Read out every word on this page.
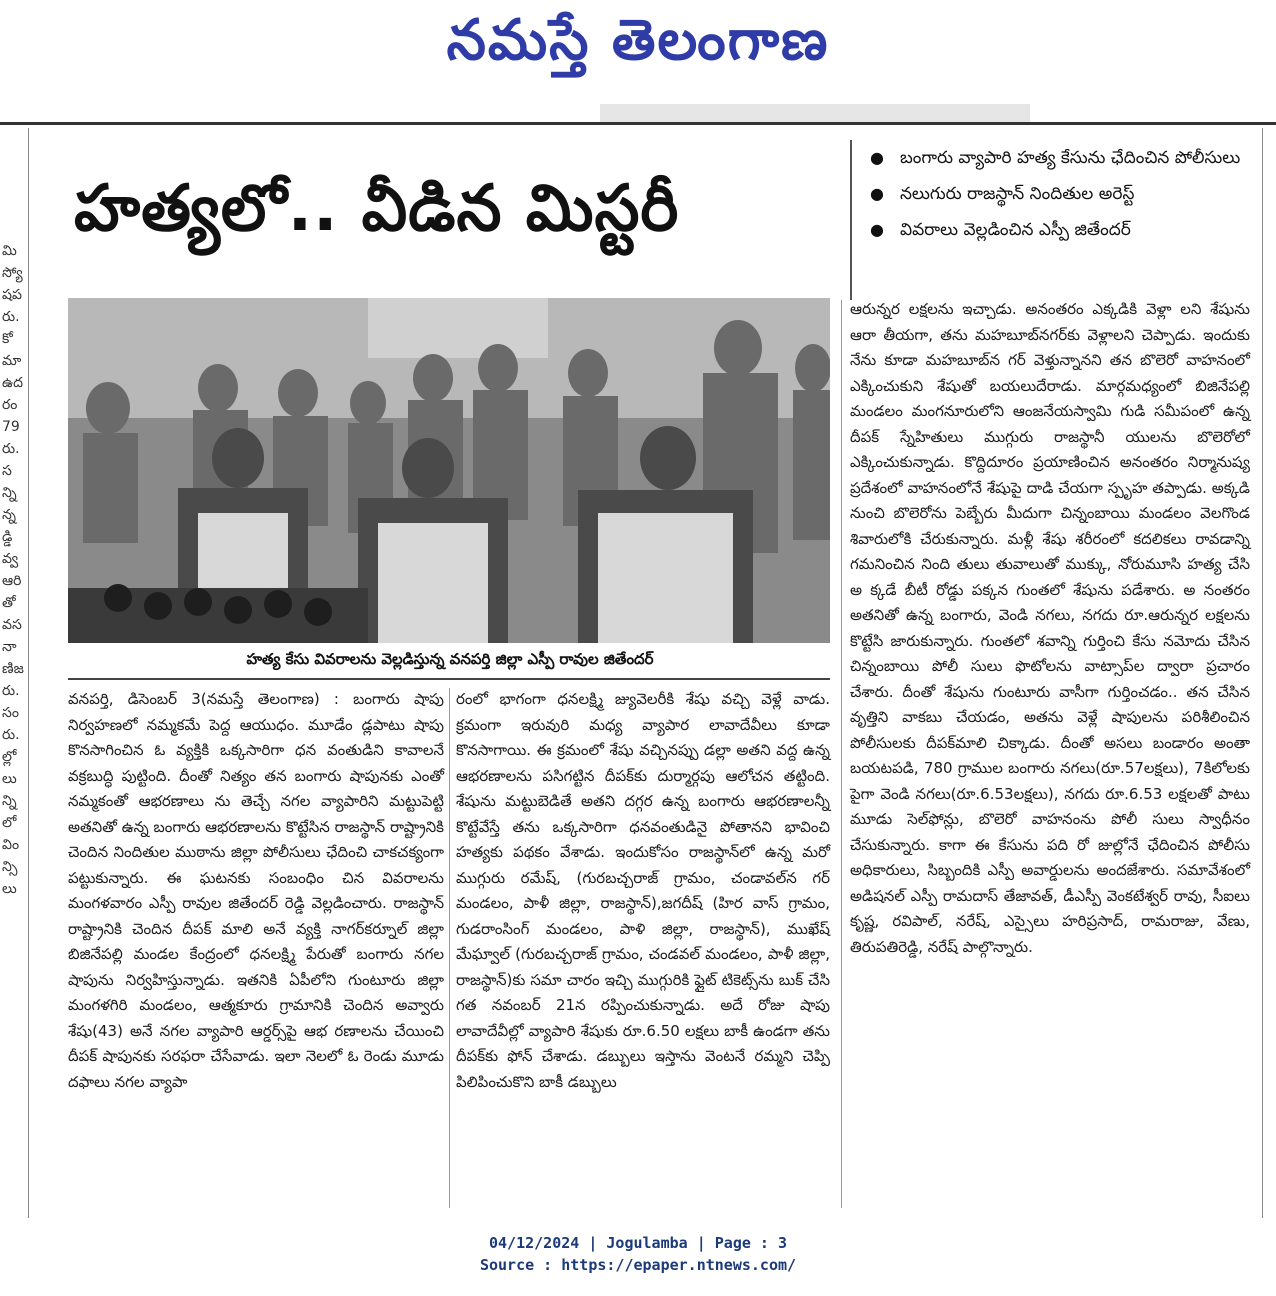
నమస్తే తెలంగాణ
మి
స్యో
షప
రు.
కో
మా
ఉద
రం
79
రు.
స
న్ని
న్న
డ్డి
వ్వ
ఆరి
తో
వస
నా
ణిజ
రు.
సం
రు.
ల్లో
లు
న్ని
లో
విం
న్సి
లు
హత్యలో.. వీడిన మిస్టరీ
● బంగారు వ్యాపారి హత్య కేసును ఛేదించిన పోలీసులు
● నలుగురు రాజస్థాన్ నిందితుల అరెస్ట్
● వివరాలు వెల్లడించిన ఎస్పీ జితేందర్
హత్య కేసు వివరాలను వెల్లడిస్తున్న వనపర్తి జిల్లా ఎస్పీ రావుల జితేందర్

వనపర్తి, డిసెంబర్ 3(నమస్తే తెలంగాణ) : బంగారు షాపు నిర్వహణలో నమ్మకమే పెద్ద ఆయుధం. మూడేం డ్లపాటు షాపు కొనసాగించిన ఓ వ్యక్తికి ఒక్కసారిగా ధన వంతుడిని కావాలనే వక్రబుద్ధి పుట్టింది. దీంతో నిత్యం తన బంగారు షాపునకు ఎంతో నమ్మకంతో ఆభరణాలు ను తెచ్చే నగల వ్యాపారిని మట్టుపెట్టి అతనితో ఉన్న బంగారు ఆభరణాలను కొట్టేసిన రాజస్థాన్ రాష్ట్రానికి చెందిన నిందితుల ముఠాను జిల్లా పోలీసులు ఛేదించి చాకచక్యంగా పట్టుకున్నారు. ఈ ఘటనకు సంబంధిం చిన వివరాలను మంగళవారం ఎస్పీ రావుల జితేందర్ రెడ్డి వెల్లడించారు. రాజస్థాన్ రాష్ట్రానికి చెందిన దీపక్ మాలి అనే వ్యక్తి నాగర్‌కర్నూల్ జిల్లా బిజినేపల్లి మండల కేంద్రంలో ధనలక్ష్మి పేరుతో బంగారు నగల షాపును నిర్వహిస్తున్నాడు. ఇతనికి ఏపీలోని గుంటూరు జిల్లా మంగళగిరి మండలం, ఆత్మకూరు గ్రామానికి చెందిన అవ్వారు శేషు(43) అనే నగల వ్యాపారి ఆర్డర్స్‌పై ఆభ రణాలను చేయించి దీపక్ షాపునకు సరఫరా చేసేవాడు. ఇలా నెలలో ఓ రెండు మూడు దఫాలు నగల వ్యాపా

రంలో భాగంగా ధనలక్ష్మి జ్యువెలరీకి శేషు వచ్చి వెళ్లే వాడు. క్రమంగా ఇరువురి మధ్య వ్యాపార లావాదేవీలు కూడా కొనసాగాయి. ఈ క్రమంలో శేషు వచ్చినప్పు డల్లా అతని వద్ద ఉన్న ఆభరణాలను పసిగట్టిన దీపక్‌కు దుర్మార్గపు ఆలోచన తట్టింది. శేషును మట్టుబెడితే అతని దగ్గర ఉన్న బంగారు ఆభరణాలన్నీ కొట్టేవేస్తే తను ఒక్కసారిగా ధనవంతుడినై పోతానని భావించి హత్యకు పథకం వేశాడు. ఇందుకోసం రాజస్థాన్‌లో ఉన్న మరో ముగ్గురు రమేష్, (గురబచ్చరాజ్ గ్రామం, చండావల్‌న గర్ మండలం, పాళీ జిల్లా, రాజస్థాన్),జగదీష్ (హిర వాస్ గ్రామం, గుడరాంసింగ్ మండలం, పాళి జిల్లా, రాజస్థాన్), ముఖేష్ మేఘ్వాల్ (గురబచ్చరాజ్ గ్రామం, చండవల్ మండలం, పాళీ జిల్లా, రాజస్థాన్)కు సమా చారం ఇచ్చి ముగ్గురికి ఫ్లైట్ టికెట్స్‌ను బుక్ చేసి గత నవంబర్ 21న రప్పించుకున్నాడు. అదే రోజు షాపు లావాదేవీల్లో వ్యాపారి శేషుకు రూ.6.50 లక్షలు బాకీ ఉండగా తను దీపక్‌కు ఫోన్ చేశాడు. డబ్బులు ఇస్తాను వెంటనే రమ్మని చెప్పి పిలిపించుకొని బాకీ డబ్బులు

ఆరున్నర లక్షలను ఇచ్చాడు. అనంతరం ఎక్కడికి వెళ్లా లని శేషును ఆరా తీయగా, తను మహబూబ్‌నగర్‌కు వెళ్లాలని చెప్పాడు. ఇందుకు నేను కూడా మహబూబ్‌న గర్ వెళ్తున్నానని తన బొలెరో వాహనంలో ఎక్కించుకుని శేషుతో బయలుదేరాడు. మార్గమధ్యంలో బిజినేపల్లి మండలం మంగనూరులోని ఆంజనేయస్వామి గుడి సమీపంలో ఉన్న దీపక్ స్నేహితులు ముగ్గురు రాజస్థానీ యులను బొలెరోలో ఎక్కించుకున్నాడు. కొద్దిదూరం ప్రయాణించిన అనంతరం నిర్మానుష్య ప్రదేశంలో వాహనంలోనే శేషుపై దాడి చేయగా స్పృహ తప్పాడు. అక్కడి నుంచి బొలెరోను పెబ్బేరు మీదుగా చిన్నంబాయి మండలం వెలగొండ శివారులోకి చేరుకున్నారు. మళ్లీ శేషు శరీరంలో కదలికలు రావడాన్ని గమనించిన నింది తులు తువాలుతో ముక్కు, నోరుమూసి హత్య చేసి అ క్కడే బీటీ రోడ్డు పక్కన గుంతలో శేషును పడేశారు. అ నంతరం అతనితో ఉన్న బంగారు, వెండి నగలు, నగదు రూ.ఆరున్నర లక్షలను కొట్టేసి జారుకున్నారు. గుంతలో శవాన్ని గుర్తించి కేసు నమోదు చేసిన చిన్నంబాయి పోలీ సులు ఫొటోలను వాట్సాప్‌ల ద్వారా ప్రచారం చేశారు. దీంతో శేషును గుంటూరు వాసీగా గుర్తించడం.. తన చేసిన వృత్తిని వాకబు చేయడం, అతను వెళ్లే షాపులను పరిశీలించిన పోలీసులకు దీపక్‌మాలి చిక్కాడు. దీంతో అసలు బండారం అంతా బయటపడి, 780 గ్రాముల బంగారు నగలు(రూ.57లక్షలు), 7కిలోలకు పైగా వెండి నగలు(రూ.6.53లక్షలు), నగదు రూ.6.53 లక్షలతో పాటు మూడు సెల్‌ఫోన్లు, బొలెరో వాహనంను పోలీ సులు స్వాధీనం చేసుకున్నారు. కాగా ఈ కేసును పది రో జుల్లోనే ఛేదించిన పోలీసు అధికారులు, సిబ్బందికి ఎస్పీ అవార్డులను అందజేశారు. సమావేశంలో అడిషనల్ ఎస్పీ రామదాస్ తేజావత్, డీఎస్పీ వెంకటేశ్వర్ రావు, సీఐలు కృష్ణ, రవిపాల్, నరేష్, ఎస్సైలు హరిప్రసాద్, రామరాజు, వేణు, తిరుపతిరెడ్డి, నరేష్ పాల్గొన్నారు.

04/12/2024 | Jogulamba | Page : 3
Source : https://epaper.ntnews.com/
